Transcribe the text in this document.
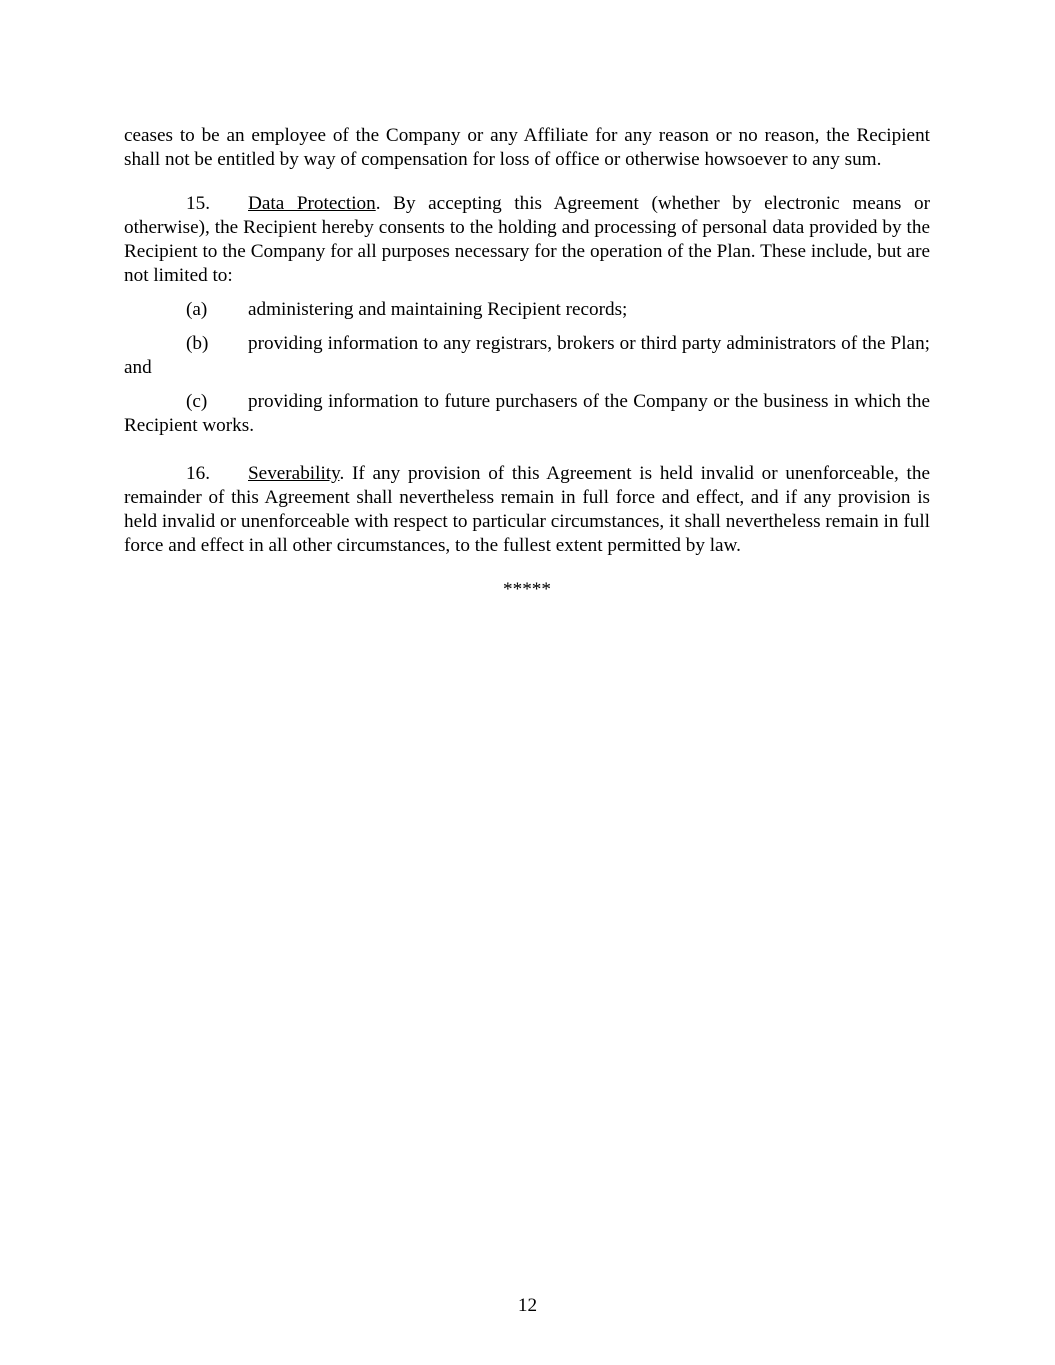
ceases to be an employee of the Company or any Affiliate for any reason or no reason, the Recipient shall not be entitled by way of compensation for loss of office or otherwise howsoever to any sum.

15. Data Protection. By accepting this Agreement (whether by electronic means or otherwise), the Recipient hereby consents to the holding and processing of personal data provided by the Recipient to the Company for all purposes necessary for the operation of the Plan. These include, but are not limited to:

(a) administering and maintaining Recipient records;

(b) providing information to any registrars, brokers or third party administrators of the Plan; and

(c) providing information to future purchasers of the Company or the business in which the Recipient works.

16. Severability. If any provision of this Agreement is held invalid or unenforceable, the remainder of this Agreement shall nevertheless remain in full force and effect, and if any provision is held invalid or unenforceable with respect to particular circumstances, it shall nevertheless remain in full force and effect in all other circumstances, to the fullest extent permitted by law.

*****

12
